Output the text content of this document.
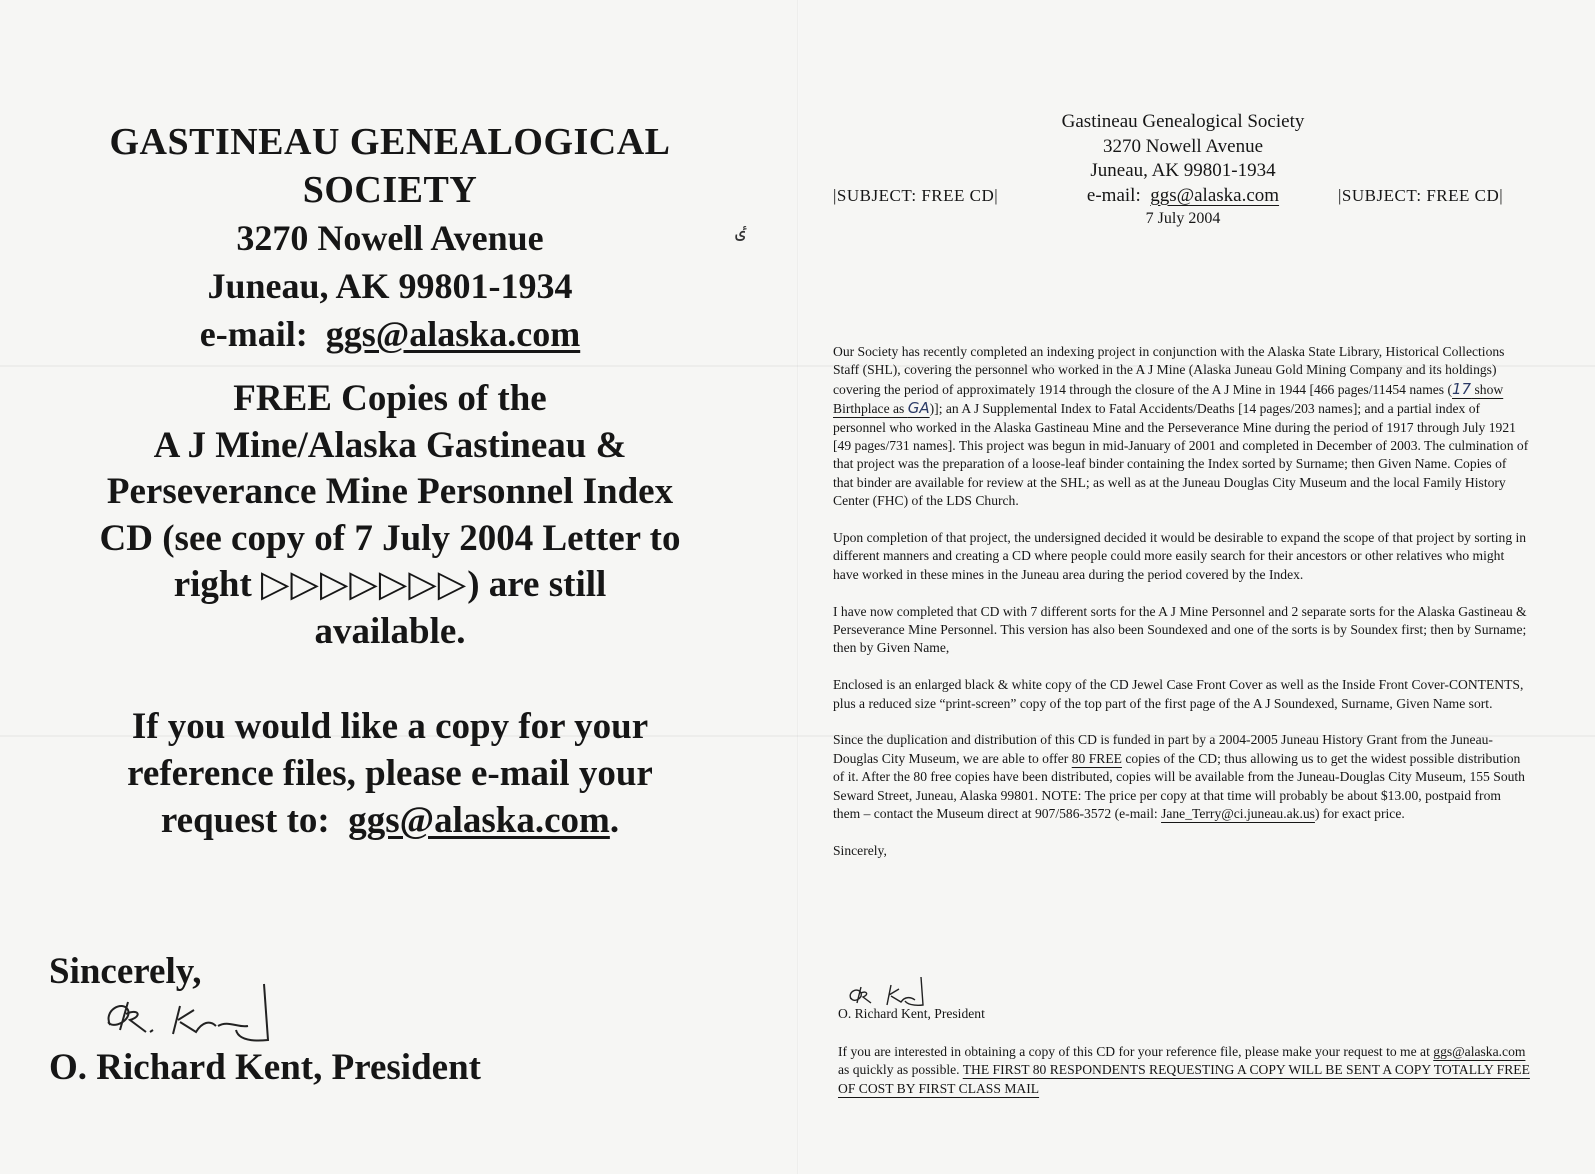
ٸ
GASTINEAU GENEALOGICAL
SOCIETY
3270 Nowell Avenue
Juneau, AK 99801-1934
e-mail: ggs@alaska.com
FREE Copies of the
A J Mine/Alaska Gastineau &
Perseverance Mine Personnel Index
CD (see copy of 7 July 2004 Letter to
right ▷▷▷▷▷▷▷) are still
available.
If you would like a copy for your
reference files, please e-mail your
request to: ggs@alaska.com.
Sincerely,
O. Richard Kent, President
Gastineau Genealogical Society
3270 Nowell Avenue
Juneau, AK 99801-1934
e-mail: ggs@alaska.com
7 July 2004
|SUBJECT: FREE CD|	|SUBJECT: FREE CD|

Our Society has recently completed an indexing project in conjunction with the Alaska State Library, Historical Collections Staff (SHL), covering the personnel who worked in the A J Mine (Alaska Juneau Gold Mining Company and its holdings) covering the period of approximately 1914 through the closure of the A J Mine in 1944 [466 pages/11454 names (17 show Birthplace as GA)]; an A J Supplemental Index to Fatal Accidents/Deaths [14 pages/203 names]; and a partial index of personnel who worked in the Alaska Gastineau Mine and the Perseverance Mine during the period of 1917 through July 1921 [49 pages/731 names]. This project was begun in mid-January of 2001 and completed in December of 2003. The culmination of that project was the preparation of a loose-leaf binder containing the Index sorted by Surname; then Given Name. Copies of that binder are available for review at the SHL; as well as at the Juneau Douglas City Museum and the local Family History Center (FHC) of the LDS Church.

Upon completion of that project, the undersigned decided it would be desirable to expand the scope of that project by sorting in different manners and creating a CD where people could more easily search for their ancestors or other relatives who might have worked in these mines in the Juneau area during the period covered by the Index.

I have now completed that CD with 7 different sorts for the A J Mine Personnel and 2 separate sorts for the Alaska Gastineau & Perseverance Mine Personnel. This version has also been Soundexed and one of the sorts is by Soundex first; then by Surname; then by Given Name,

Enclosed is an enlarged black & white copy of the CD Jewel Case Front Cover as well as the Inside Front Cover-CONTENTS, plus a reduced size “print-screen” copy of the top part of the first page of the A J Soundexed, Surname, Given Name sort.

Since the duplication and distribution of this CD is funded in part by a 2004-2005 Juneau History Grant from the Juneau-Douglas City Museum, we are able to offer 80 FREE copies of the CD; thus allowing us to get the widest possible distribution of it. After the 80 free copies have been distributed, copies will be available from the Juneau-Douglas City Museum, 155 South Seward Street, Juneau, Alaska 99801. NOTE: The price per copy at that time will probably be about $13.00, postpaid from them – contact the Museum direct at 907/586-3572 (e-mail: Jane_Terry@ci.juneau.ak.us) for exact price.

Sincerely,

O. Richard Kent, President
If you are interested in obtaining a copy of this CD for your reference file, please make your request to me at ggs@alaska.com as quickly as possible. THE FIRST 80 RESPONDENTS REQUESTING A COPY WILL BE SENT A COPY TOTALLY FREE OF COST BY FIRST CLASS MAIL
